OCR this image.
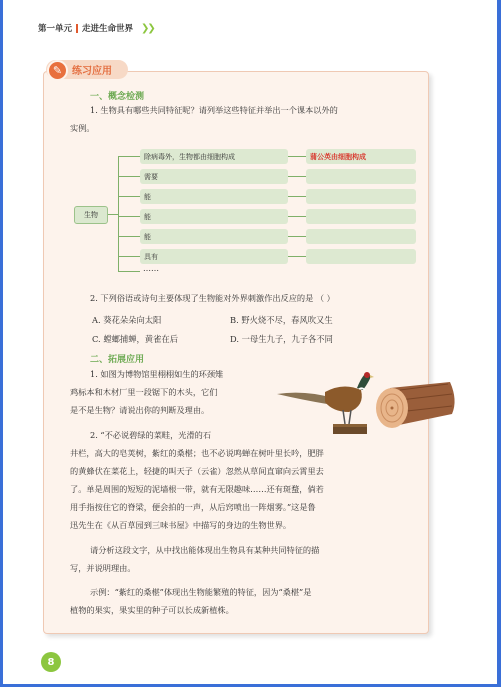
第一单元 走进生命世界 ❯❯
练习应用
✎
一、概念检测
1. 生物具有哪些共同特征呢？请列举这些特征并举出一个课本以外的
实例。
生物
除病毒外，生物都由细胞构成	蒲公英由细胞构成
需要
能
能
能
具有
……
2. 下列俗语或诗句主要体现了生物能对外界刺激作出反应的是 （ ）
A. 葵花朵朵向太阳	B. 野火烧不尽，春风吹又生
C. 螳螂捕蝉，黄雀在后	D. 一母生九子，九子各不同
二、拓展应用
1. 如图为博物馆里栩栩如生的环颈雉
鸡标本和木材厂里一段锯下的木头，它们
是不是生物？请说出你的判断及理由。
2. “不必说碧绿的菜畦，光滑的石
井栏，高大的皂荚树，紫红的桑椹；也不必说鸣蝉在树叶里长吟，肥胖
的黄蜂伏在菜花上，轻捷的叫天子（云雀）忽然从草间直窜向云霄里去
了。单是周围的短短的泥墙根一带，就有无限趣味……还有斑蝥，倘若
用手指按住它的脊梁，便会拍的一声，从后窍喷出一阵烟雾。”这是鲁
迅先生在《从百草园到三味书屋》中描写的身边的生物世界。
请分析这段文字，从中找出能体现出生物具有某种共同特征的描
写，并说明理由。
示例：“紫红的桑椹”体现出生物能繁殖的特征，因为“桑椹”是
植物的果实，果实里的种子可以长成新植株。
8
